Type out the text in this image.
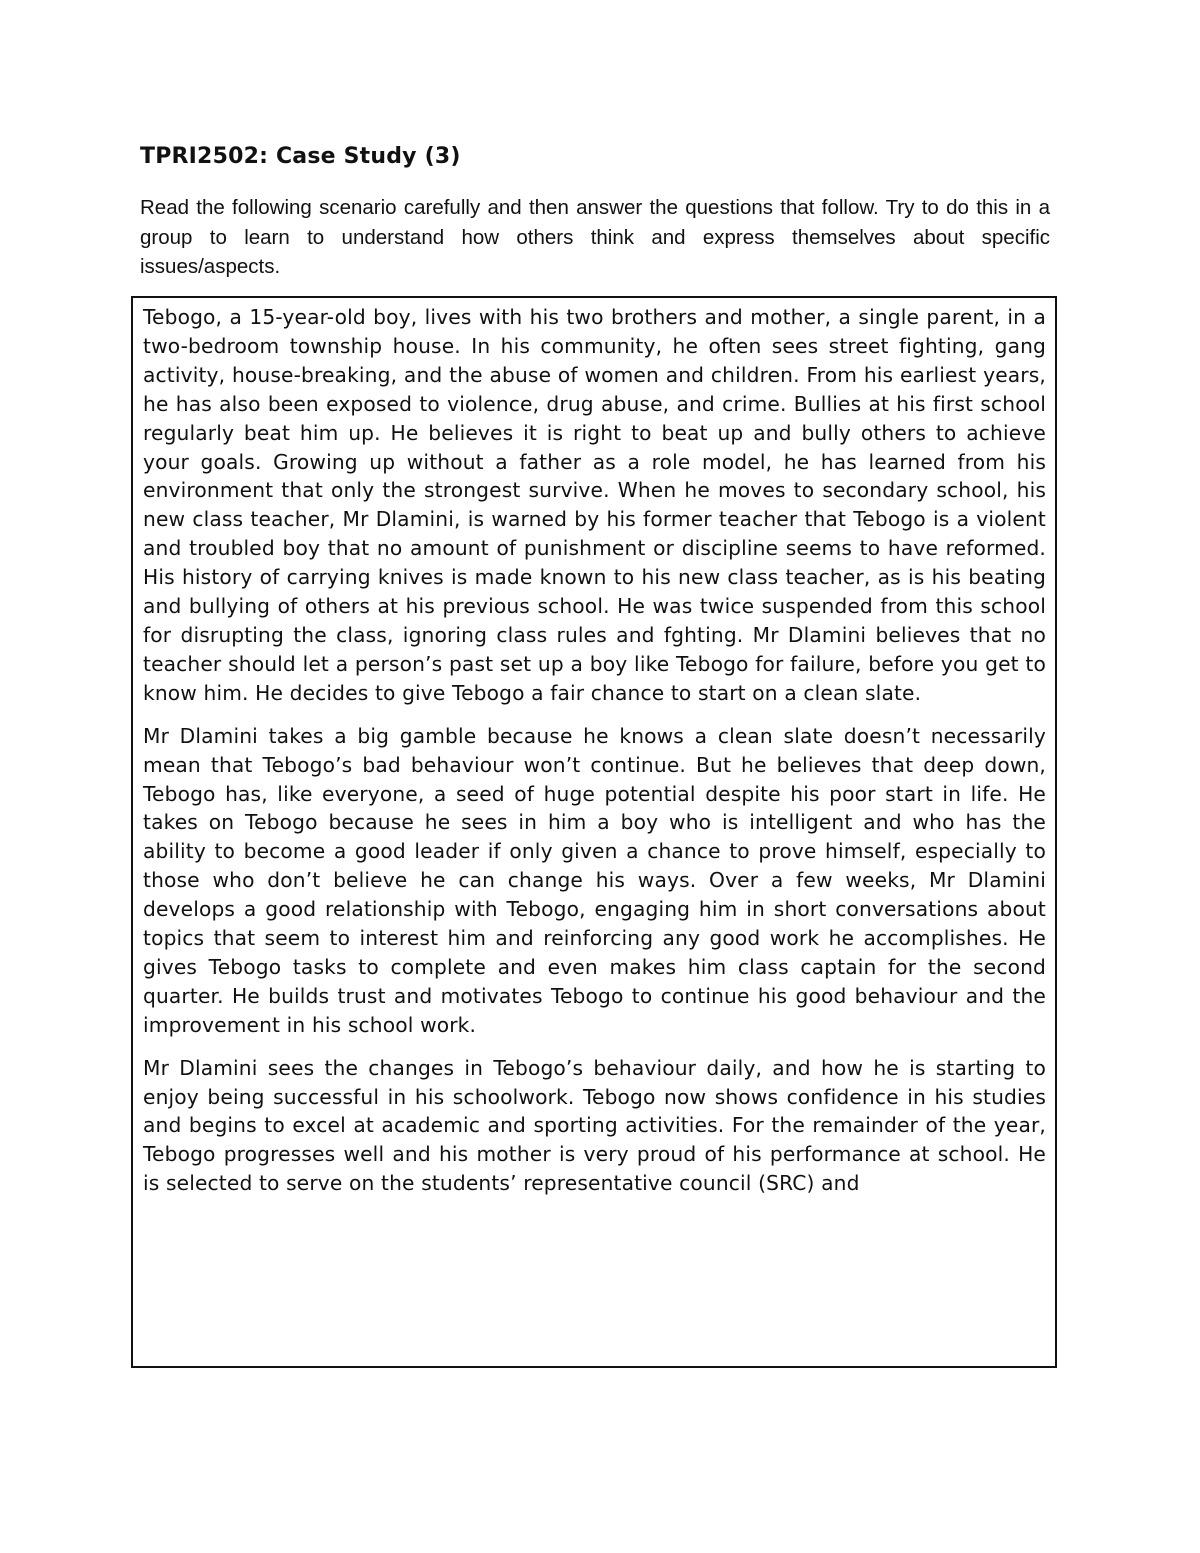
TPRI2502: Case Study (3)

Read the following scenario carefully and then answer the questions that follow. Try to do this in a group to learn to understand how others think and express themselves about specific issues/aspects.

Tebogo, a 15-year-old boy, lives with his two brothers and mother, a single parent, in a two-bedroom township house. In his community, he often sees street fighting, gang activity, house-breaking, and the abuse of women and children. From his earliest years, he has also been exposed to violence, drug abuse, and crime. Bullies at his first school regularly beat him up. He believes it is right to beat up and bully others to achieve your goals. Growing up without a father as a role model, he has learned from his environment that only the strongest survive. When he moves to secondary school, his new class teacher, Mr Dlamini, is warned by his former teacher that Tebogo is a violent and troubled boy that no amount of punishment or discipline seems to have reformed. His history of carrying knives is made known to his new class teacher, as is his beating and bullying of others at his previous school. He was twice suspended from this school for disrupting the class, ignoring class rules and fghting. Mr Dlamini believes that no teacher should let a person’s past set up a boy like Tebogo for failure, before you get to know him. He decides to give Tebogo a fair chance to start on a clean slate.

Mr Dlamini takes a big gamble because he knows a clean slate doesn’t necessarily mean that Tebogo’s bad behaviour won’t continue. But he believes that deep down, Tebogo has, like everyone, a seed of huge potential despite his poor start in life. He takes on Tebogo because he sees in him a boy who is intelligent and who has the ability to become a good leader if only given a chance to prove himself, especially to those who don’t believe he can change his ways. Over a few weeks, Mr Dlamini develops a good relationship with Tebogo, engaging him in short conversations about topics that seem to interest him and reinforcing any good work he accomplishes. He gives Tebogo tasks to complete and even makes him class captain for the second quarter. He builds trust and motivates Tebogo to continue his good behaviour and the improvement in his school work.

Mr Dlamini sees the changes in Tebogo’s behaviour daily, and how he is starting to enjoy being successful in his schoolwork. Tebogo now shows confidence in his studies and begins to excel at academic and sporting activities. For the remainder of the year, Tebogo progresses well and his mother is very proud of his performance at school. He is selected to serve on the students’ representative council (SRC) and
